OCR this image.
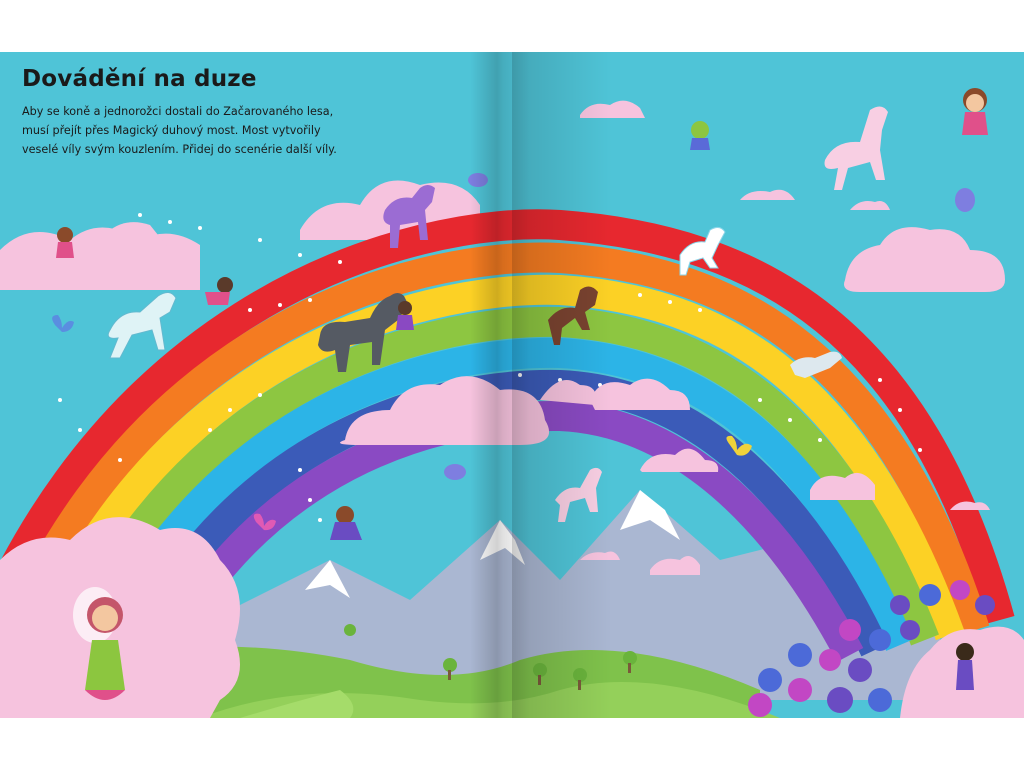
Dovádění na duze

Aby se koně a jednorožci dostali do Začarovaného lesa,

musí přejít přes Magický duhový most. Most vytvořily

veselé víly svým kouzlením. Přidej do scenérie další víly.
